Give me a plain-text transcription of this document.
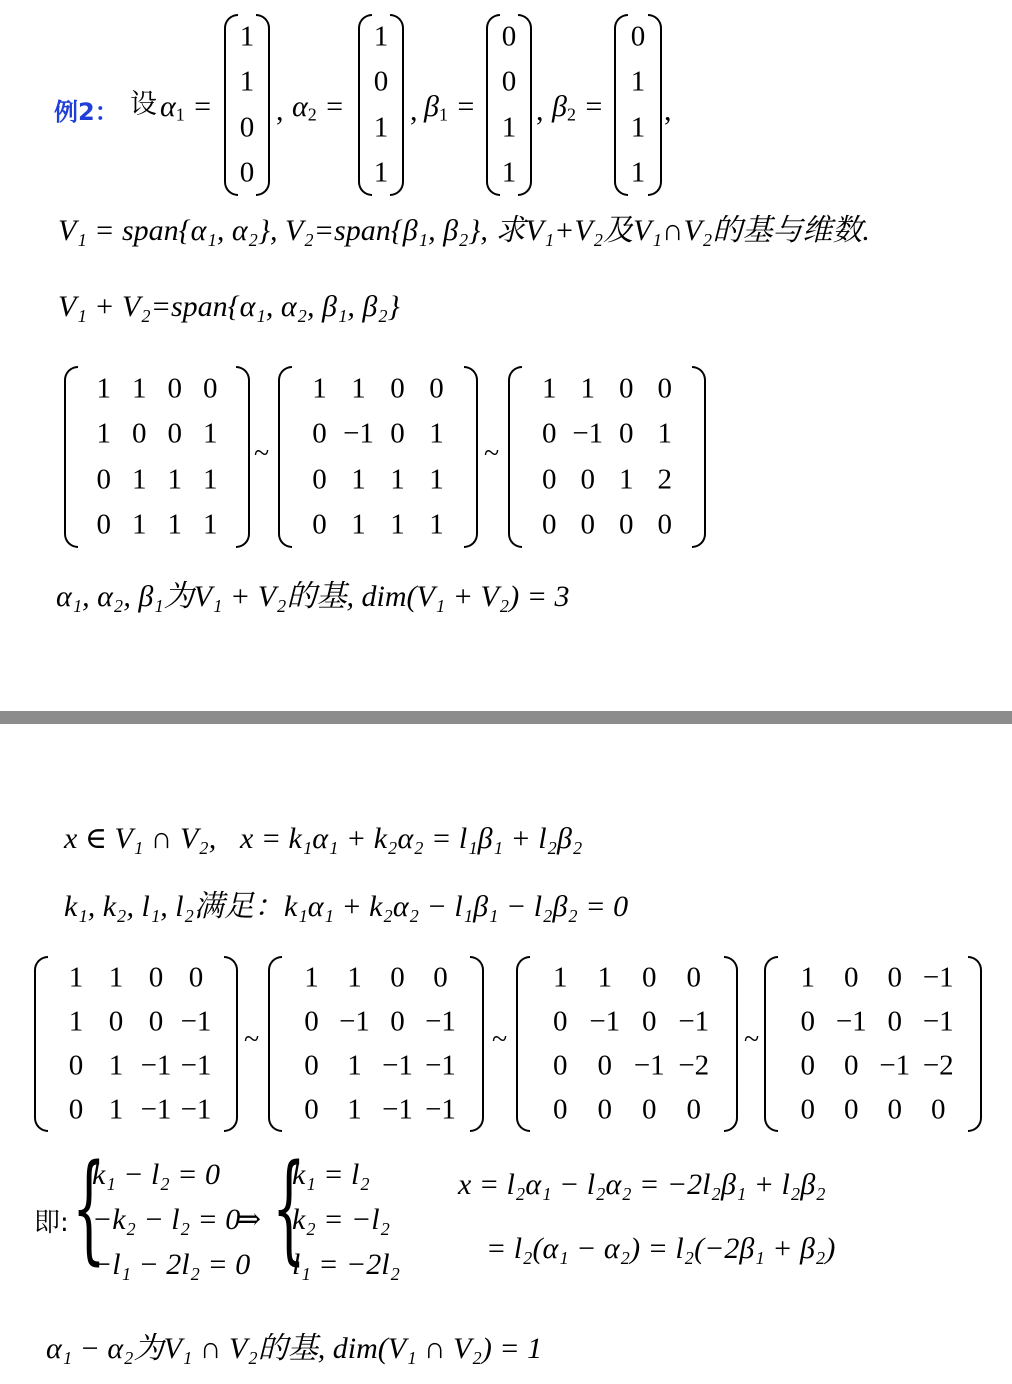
例2： 设 $\alpha_1$ =
1
1
0
0
, $\alpha_2$ =
1
0
1
1
, $\beta_1$ =
0
0
1
1
, $\beta_2$ =
0
1
1
1
,
V₁ = span{α₁, α₂}, V₂=span{β₁, β₂}, 求V₁+V₂及V₁∩V₂的基与维数.
V₁ + V₂=span{α₁, α₂, β₁, β₂}
1 1 0 0
1 0 0 1
0 1 1 1
0 1 1 1
~
1 1 0 0
0 −1 0 1
0 1 1 1
0 1 1 1
~
1 1 0 0
0 −1 0 1
0 0 1 2
0 0 0 0
α₁, α₂, β₁为V₁ + V₂的基, dim(V₁ + V₂) = 3
x ∈ V₁ ∩ V₂, x = k₁α₁ + k₂α₂ = l₁β₁ + l₂β₂
k₁, k₂, l₁, l₂满足：k₁α₁ + k₂α₂ − l₁β₁ − l₂β₂ = 0
1 1 0 0
1 0 0 −1
0 1 −1 −1
0 1 −1 −1
~
1 1 0 0
0 −1 0 −1
0 1 −1 −1
0 1 −1 −1
~
1 1 0 0
0 −1 0 −1
0 0 −1 −2
0 0 0 0
~
1 0 0 −1
0 −1 0 −1
0 0 −1 −2
0 0 0 0
即: {
k₁ − l₂ = 0
−k₂ − l₂ = 0
−l₁ − 2l₂ = 0
⇒ {
k₁ = l₂
k₂ = −l₂
l₁ = −2l₂
x = l₂α₁ − l₂α₂ = −2l₂β₁ + l₂β₂
= l₂(α₁ − α₂) = l₂(−2β₁ + β₂)
α₁ − α₂为V₁ ∩ V₂的基, dim(V₁ ∩ V₂) = 1
